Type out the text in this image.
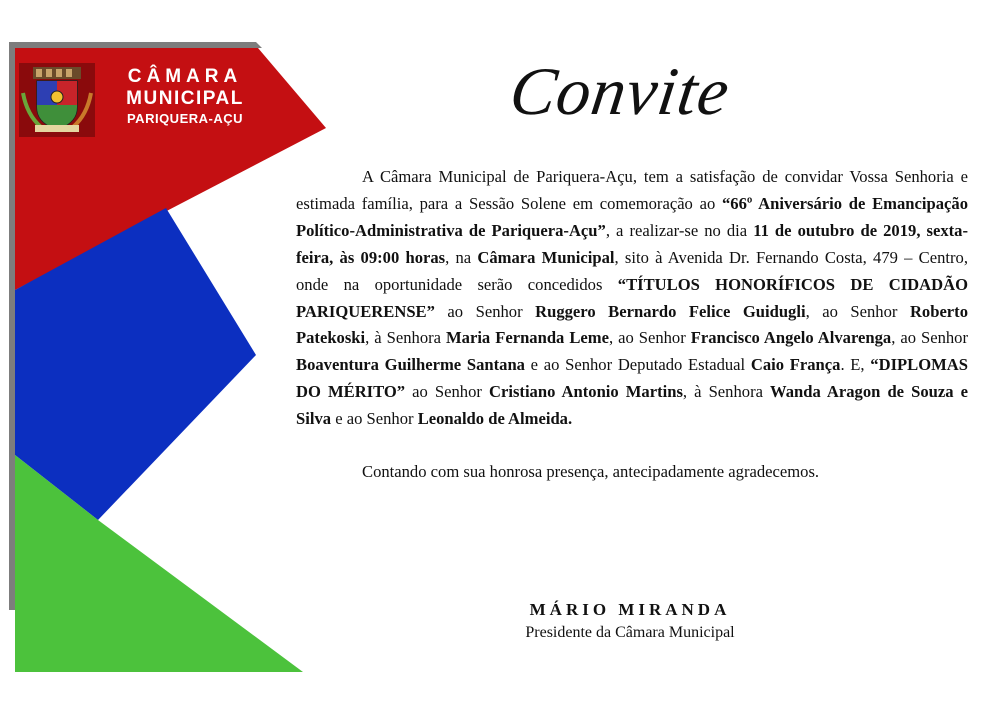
CÂMARA
MUNICIPAL
PARIQUERA-AÇU	Convite

A Câmara Municipal de Pariquera-Açu, tem a satisfação de convidar Vossa Senhoria e estimada família, para a Sessão Solene em comemoração ao “66º Aniversário de Emancipação Político-Administrativa de Pariquera-Açu”, a realizar-se no dia 11 de outubro de 2019, sexta-feira, às 09:00 horas, na Câmara Municipal, sito à Avenida Dr. Fernando Costa, 479 – Centro, onde na oportunidade serão concedidos “TÍTULOS HONORÍFICOS DE CIDADÃO PARIQUERENSE” ao Senhor Ruggero Bernardo Felice Guidugli, ao Senhor Roberto Patekoski, à Senhora Maria Fernanda Leme, ao Senhor Francisco Angelo Alvarenga, ao Senhor Boaventura Guilherme Santana e ao Senhor Deputado Estadual Caio França. E, “DIPLOMAS DO MÉRITO” ao Senhor Cristiano Antonio Martins, à Senhora Wanda Aragon de Souza e Silva e ao Senhor Leonaldo de Almeida.

Contando com sua honrosa presença, antecipadamente agradecemos.

MÁRIO MIRANDA
Presidente da Câmara Municipal
